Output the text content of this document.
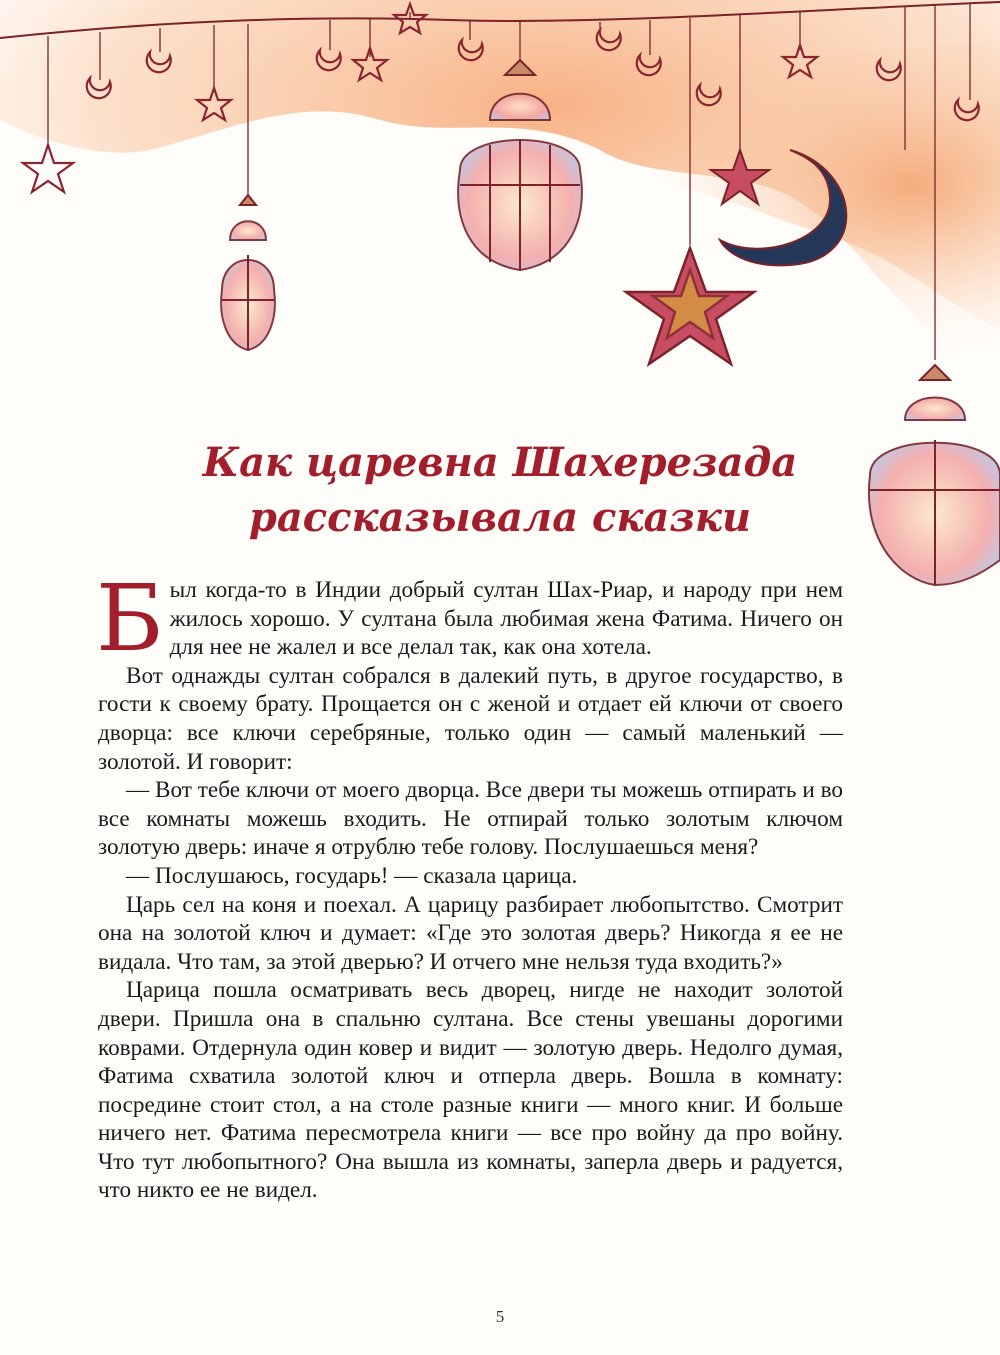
Как царевна Шахерезада
рассказывала сказки

Был когда-то в Индии добрый султан Шах-Риар, и народу при нем жилось хорошо. У султана была любимая жена Фатима. Ничего он для нее не жалел и все делал так, как она хотела.

Вот однажды султан собрался в далекий путь, в другое государство, в гости к своему брату. Прощается он с женой и отдает ей ключи от своего дворца: все ключи серебряные, только один — самый маленький — золотой. И говорит:

— Вот тебе ключи от моего дворца. Все двери ты можешь отпирать и во все комнаты можешь входить. Не отпирай только золотым ключом золотую дверь: иначе я отрублю тебе голову. Послушаешься меня?

— Послушаюсь, государь! — сказала царица.

Царь сел на коня и поехал. А царицу разбирает любопытство. Смотрит она на золотой ключ и думает: «Где это золотая дверь? Никогда я ее не видала. Что там, за этой дверью? И отчего мне нельзя туда входить?»

Царица пошла осматривать весь дворец, нигде не находит золотой двери. Пришла она в спальню султана. Все стены увешаны дорогими коврами. Отдернула один ковер и видит — золотую дверь. Недолго думая, Фатима схватила золотой ключ и отперла дверь. Вошла в комнату: посредине стоит стол, а на столе разные книги — много книг. И больше ничего нет. Фатима пересмотрела книги — все про войну да про войну. Что тут любопытного? Она вышла из комнаты, заперла дверь и радуется, что никто ее не видел.

5
